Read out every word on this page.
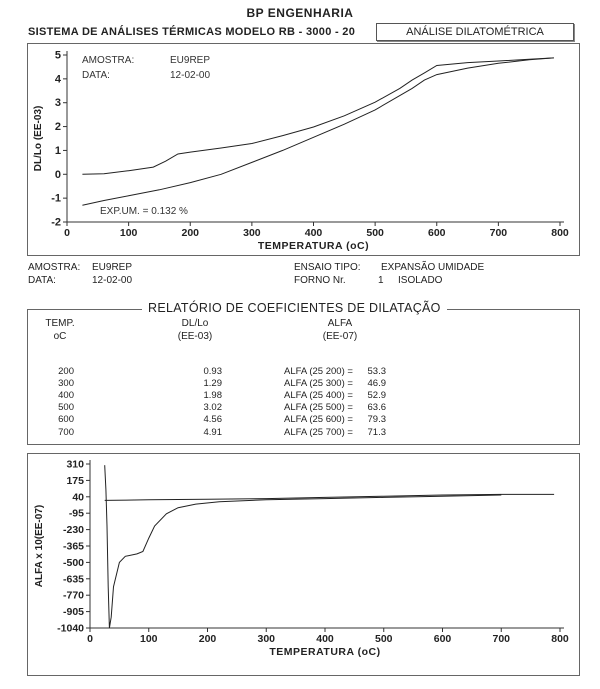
BP ENGENHARIA
SISTEMA DE ANÁLISES TÉRMICAS MODELO RB - 3000 - 20	ANÁLISE DILATOMÉTRICA
0	100	200	300	400	500	600	700	800
5
4
3
2
1
0
-1
-2
TEMPERATURA (oC)
DL/Lo (EE-03)
AMOSTRA:	EU9REP
DATA:	12-02-00
EXP.UM. = 0.132 %
AMOSTRA: EU9REP
DATA:	12-02-00
ENSAIO TIPO: EXPANSÃO UMIDADE
FORNO Nr.	1 ISOLADO
RELATÓRIO DE COEFICIENTES DE DILATAÇÃO
TEMP.
oC
DL/Lo
(EE-03)
ALFA
(EE-07)
200	0.93	ALFA (25 200) =	53.3
300	1.29	ALFA (25 300) =	46.9
400	1.98	ALFA (25 400) =	52.9
500	3.02	ALFA (25 500) =	63.6
600	4.56	ALFA (25 600) =	79.3
700	4.91	ALFA (25 700) =	71.3
0	100	200	300	400	500	600	700	800
310
175
40
-95
-230
-365
-500
-635
-770
-905
-1040
TEMPERATURA (oC)
ALFA x 10(EE-07)
